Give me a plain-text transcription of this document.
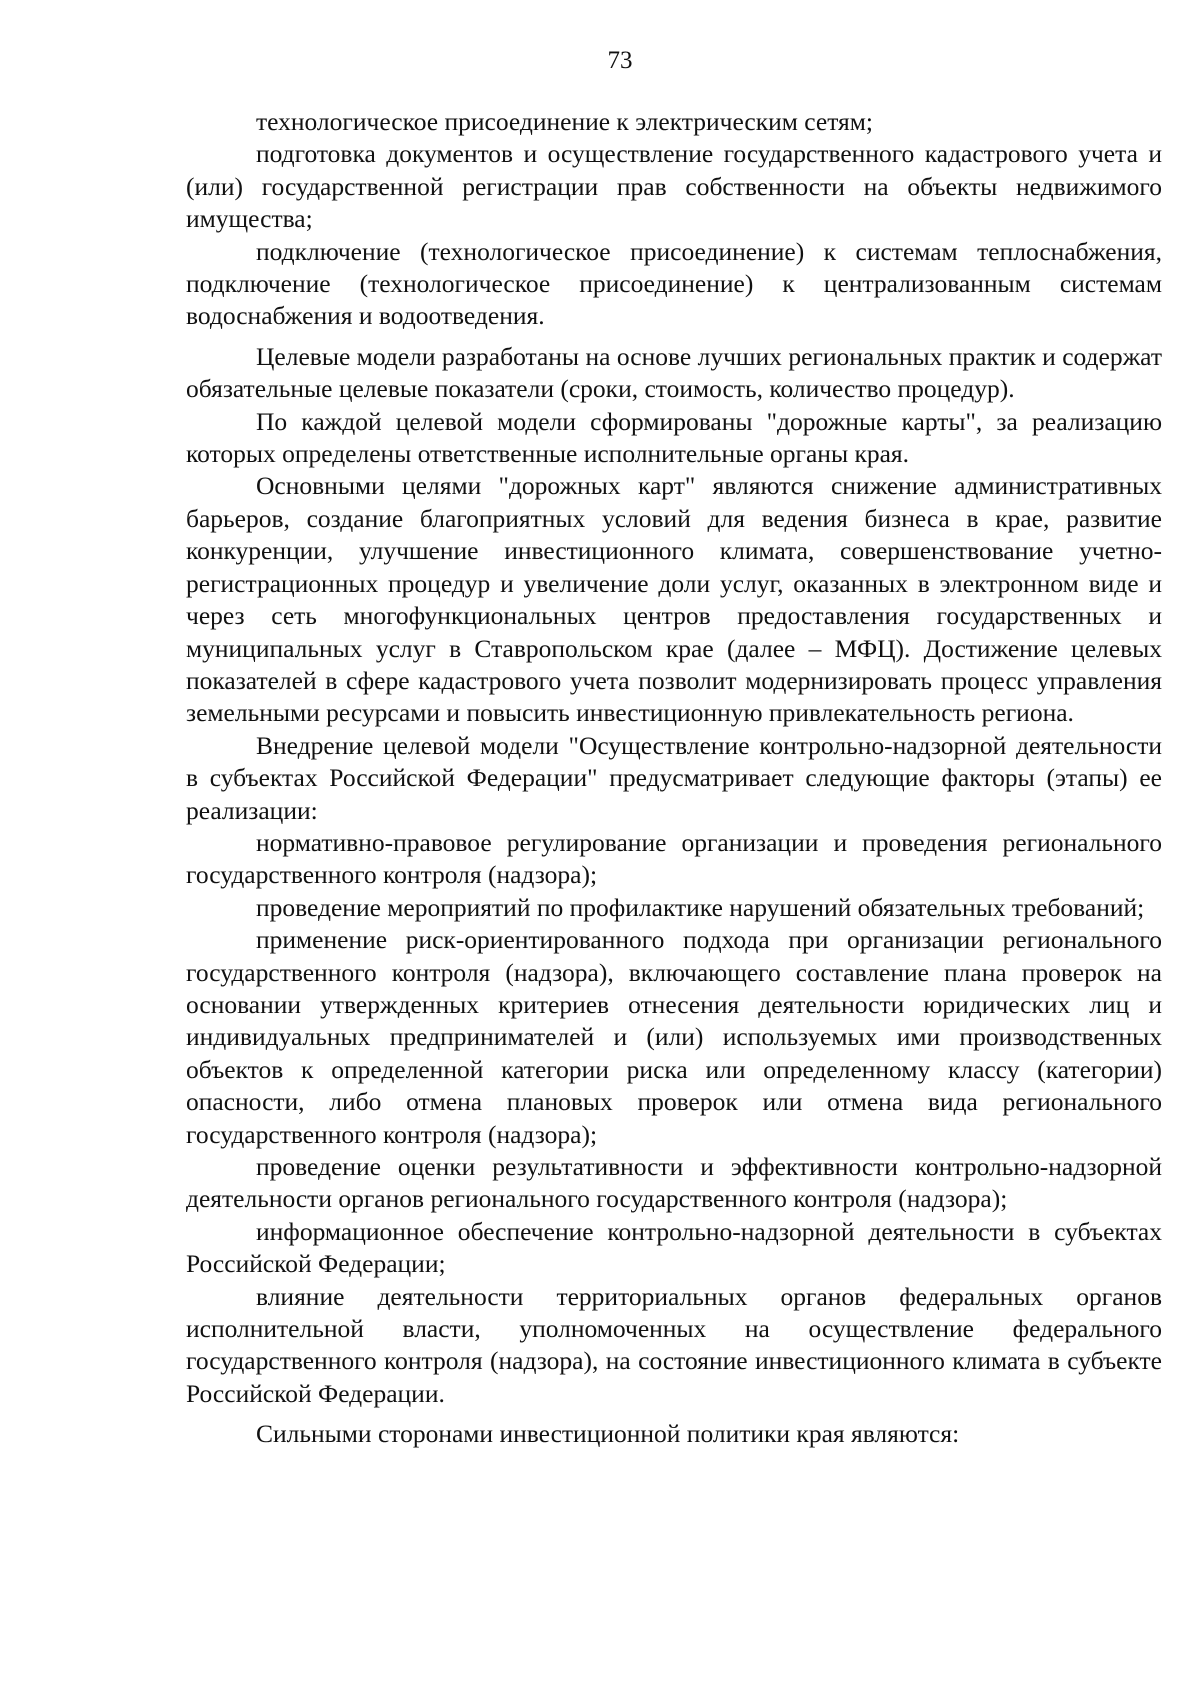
73

технологическое присоединение к электрическим сетям;

подготовка документов и осуществление государственного кадастрового учета и (или) государственной регистрации прав собственности на объекты недвижимого имущества;

подключение (технологическое присоединение) к системам теплоснабжения, подключение (технологическое присоединение) к централизованным системам водоснабжения и водоотведения.

Целевые модели разработаны на основе лучших региональных практик и содержат обязательные целевые показатели (сроки, стоимость, количество процедур).

По каждой целевой модели сформированы "дорожные карты", за реализацию которых определены ответственные исполнительные органы края.

Основными целями "дорожных карт" являются снижение административных барьеров, создание благоприятных условий для ведения бизнеса в крае, развитие конкуренции, улучшение инвестиционного климата, совершенствование учетно-регистрационных процедур и увеличение доли услуг, оказанных в электронном виде и через сеть многофункциональных центров предоставления государственных и муниципальных услуг в Ставропольском крае (далее – МФЦ). Достижение целевых показателей в сфере кадастрового учета позволит модернизировать процесс управления земельными ресурсами и повысить инвестиционную привлекательность региона.

Внедрение целевой модели "Осуществление контрольно-надзорной деятельности в субъектах Российской Федерации" предусматривает следующие факторы (этапы) ее реализации:

нормативно-правовое регулирование организации и проведения регионального государственного контроля (надзора);

проведение мероприятий по профилактике нарушений обязательных требований;

применение риск-ориентированного подхода при организации регионального государственного контроля (надзора), включающего составление плана проверок на основании утвержденных критериев отнесения деятельности юридических лиц и индивидуальных предпринимателей и (или) используемых ими производственных объектов к определенной категории риска или определенному классу (категории) опасности, либо отмена плановых проверок или отмена вида регионального государственного контроля (надзора);

проведение оценки результативности и эффективности контрольно-надзорной деятельности органов регионального государственного контроля (надзора);

информационное обеспечение контрольно-надзорной деятельности в субъектах Российской Федерации;

влияние деятельности территориальных органов федеральных органов исполнительной власти, уполномоченных на осуществление федерального государственного контроля (надзора), на состояние инвестиционного климата в субъекте Российской Федерации.

Сильными сторонами инвестиционной политики края являются:
